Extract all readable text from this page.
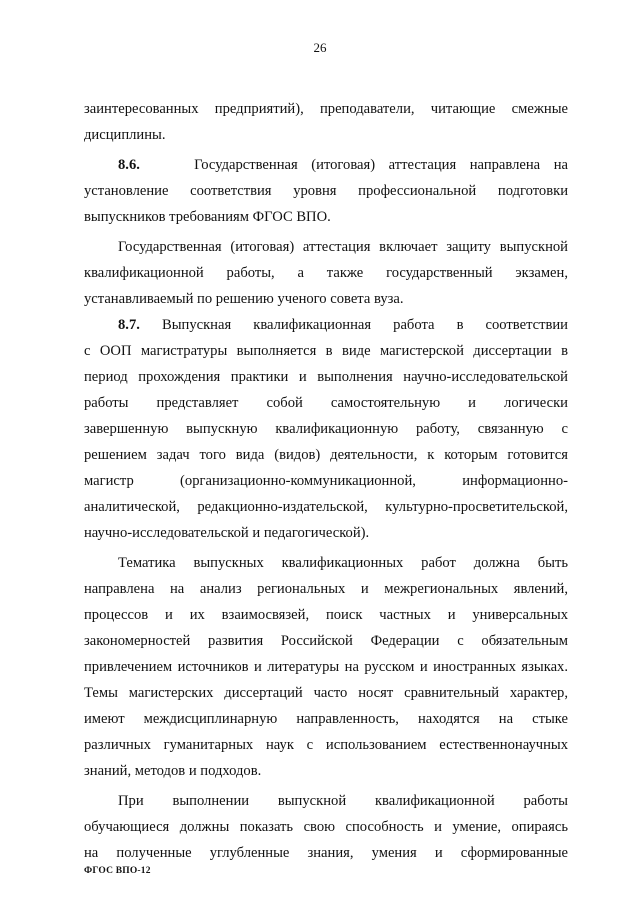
26

заинтересованных предприятий), преподаватели, читающие смежные

дисциплины.

8.6.	Государственная (итоговая) аттестация направлена на

установление соответствия уровня профессиональной подготовки

выпускников требованиям ФГОС ВПО.

Государственная (итоговая) аттестация включает защиту выпускной

квалификационной работы, а также государственный экзамен,

устанавливаемый по решению ученого совета вуза.

8.7. Выпускная квалификационная работа в соответствии

с ООП магистратуры выполняется в виде магистерской диссертации в

период прохождения практики и выполнения научно-исследовательской

работы представляет собой самостоятельную и логически

завершенную выпускную квалификационную работу, связанную с

решением задач того вида (видов) деятельности, к которым готовится

магистр (организационно-коммуникационной, информационно-

аналитической, редакционно-издательской, культурно-просветительской,

научно-исследовательской и педагогической).

Тематика выпускных квалификационных работ должна быть

направлена на анализ региональных и межрегиональных явлений,

процессов и их взаимосвязей, поиск частных и универсальных

закономерностей развития Российской Федерации с обязательным

привлечением источников и литературы на русском и иностранных языках.

Темы магистерских диссертаций часто носят сравнительный характер,

имеют междисциплинарную направленность, находятся на стыке

различных гуманитарных наук с использованием естественнонаучных

знаний, методов и подходов.

При выполнении выпускной квалификационной работы

обучающиеся должны показать свою способность и умение, опираясь

на полученные углубленные знания, умения и сформированные

ФГОС ВПО-12
